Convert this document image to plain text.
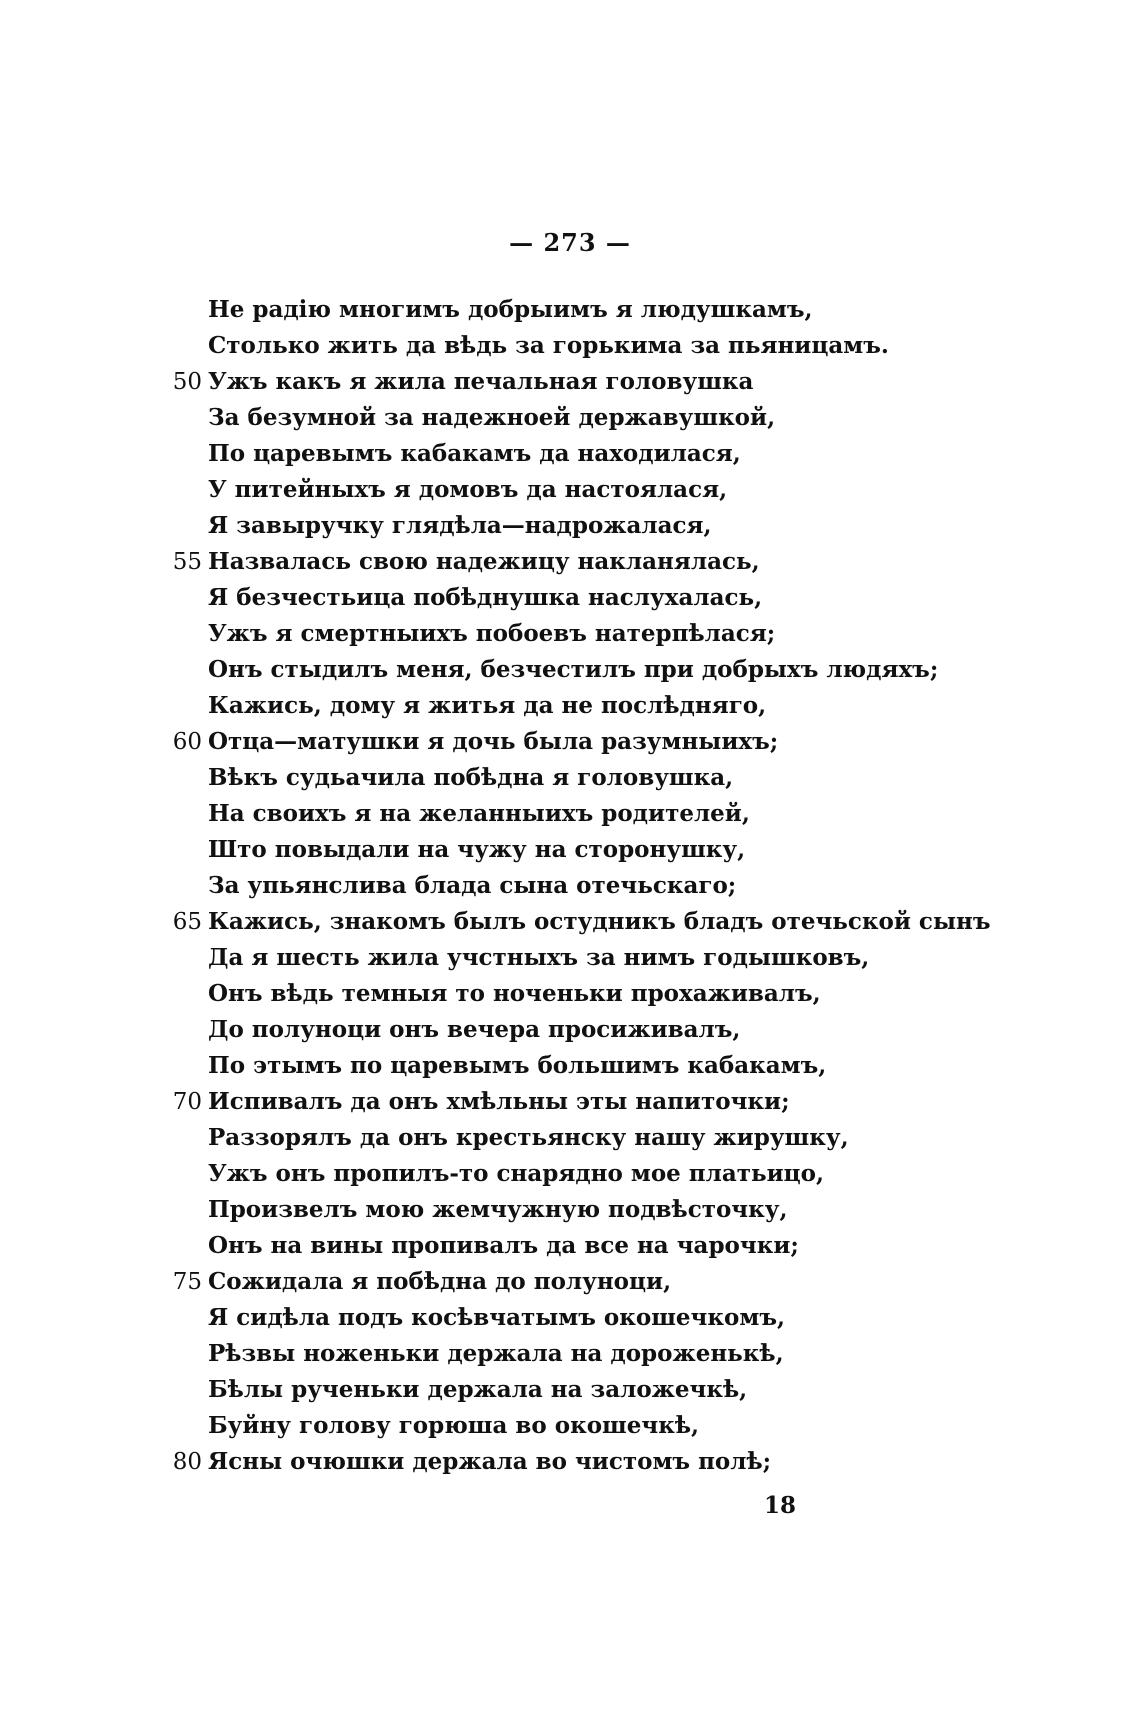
— 273 —
Не радію многимъ добрыимъ я людушкамъ,
Столько жить да вѣдь за горькима за пьяницамъ.
50 Ужъ какъ я жила печальная головушка
За безумной за надежноей державушкой,
По царевымъ кабакамъ да находилася,
У питейныхъ я домовъ да настоялася,
Я завыручку глядѣла—надрожалася,
55 Назвалась свою надежицу накланялась,
Я безчестьица побѣднушка наслухалась,
Ужъ я смертныихъ побоевъ натерпѣлася;
Онъ стыдилъ меня, безчестилъ при добрыхъ людяхъ;
Кажись, дому я житья да не послѣдняго,
60 Отца—матушки я дочь была разумныихъ;
Вѣкъ судьачила побѣдна я головушка,
На своихъ я на желанныихъ родителей,
Што повыдали на чужу на сторонушку,
За упьянслива блада сына отечьскаго;
65 Кажись, знакомъ былъ остудникъ бладъ отечьской сынъ
Да я шесть жила учстныхъ за нимъ годышковъ,
Онъ вѣдь темныя то ноченьки прохаживалъ,
До полуноци онъ вечера просиживалъ,
По этымъ по царевымъ большимъ кабакамъ,
70 Испивалъ да онъ хмѣльны эты напиточки;
Раззорялъ да онъ крестьянску нашу жирушку,
Ужъ онъ пропилъ-то снарядно мое платьицо,
Произвелъ мою жемчужную подвѣсточку,
Онъ на вины пропивалъ да все на чарочки;
75 Сожидала я побѣдна до полуноци,
Я сидѣла подъ косѣвчатымъ окошечкомъ,
Рѣзвы ноженьки держала на дороженькѣ,
Бѣлы рученьки держала на заложечкѣ,
Буйну голову горюша во окошечкѣ,
80 Ясны очюшки держала во чистомъ полѣ;
18
